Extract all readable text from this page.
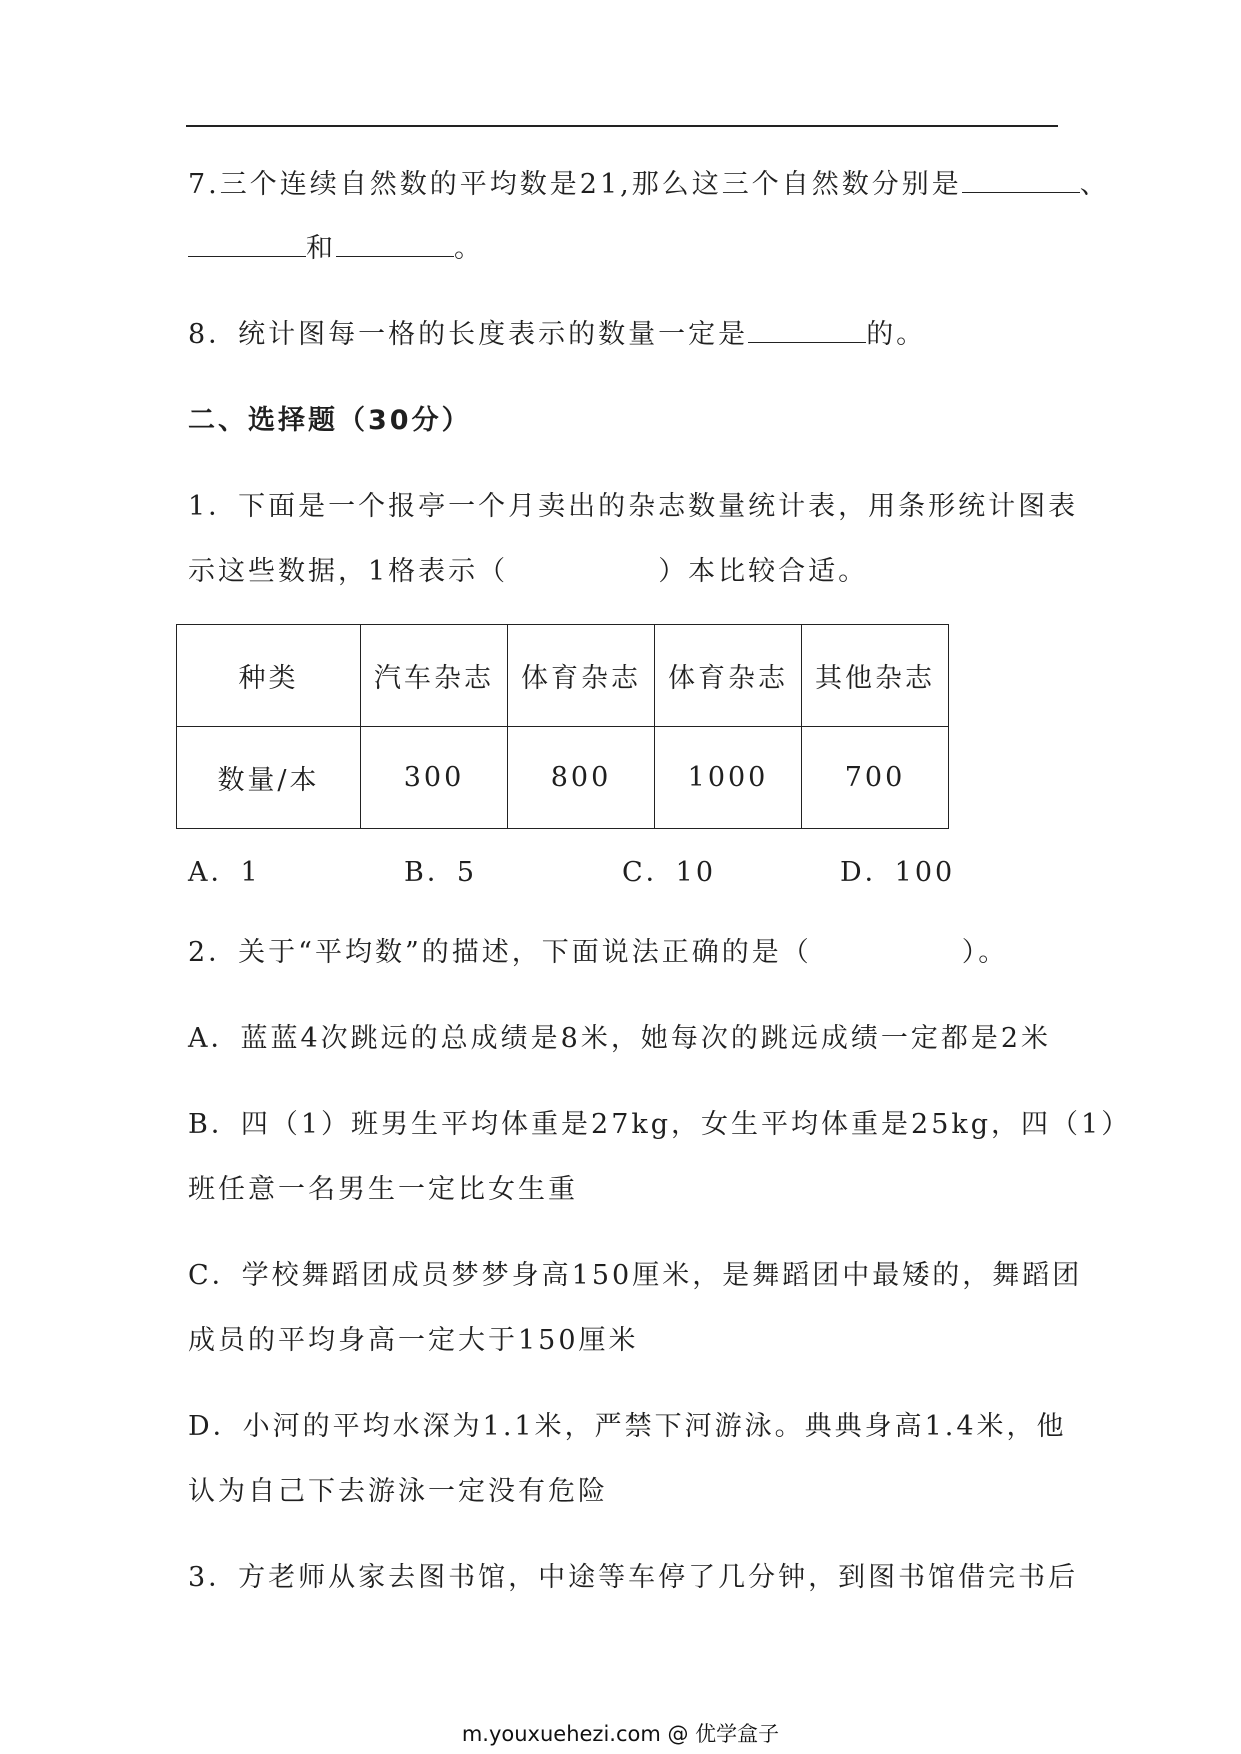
7.三个连续自然数的平均数是21,那么这三个自然数分别是	、
和	。
8．统计图每一格的长度表示的数量一定是	的。
二、选择题（30分）
1．下面是一个报亭一个月卖出的杂志数量统计表，用条形统计图表
示这些数据，1格表示（	）本比较合适。
种类	汽车杂志	体育杂志	体育杂志	其他杂志
数量/本	300	800	1000	700
A．1	B．5	C．10	D．100
2．关于“平均数”的描述，下面说法正确的是（	）。
A．蓝蓝4次跳远的总成绩是8米，她每次的跳远成绩一定都是2米
B．四（1）班男生平均体重是27kg，女生平均体重是25kg，四（1）
班任意一名男生一定比女生重
C．学校舞蹈团成员梦梦身高150厘米，是舞蹈团中最矮的，舞蹈团
成员的平均身高一定大于150厘米
D．小河的平均水深为1.1米，严禁下河游泳。典典身高1.4米，他
认为自己下去游泳一定没有危险
3．方老师从家去图书馆，中途等车停了几分钟，到图书馆借完书后
m.youxuehezi.com @ 优学盒子
